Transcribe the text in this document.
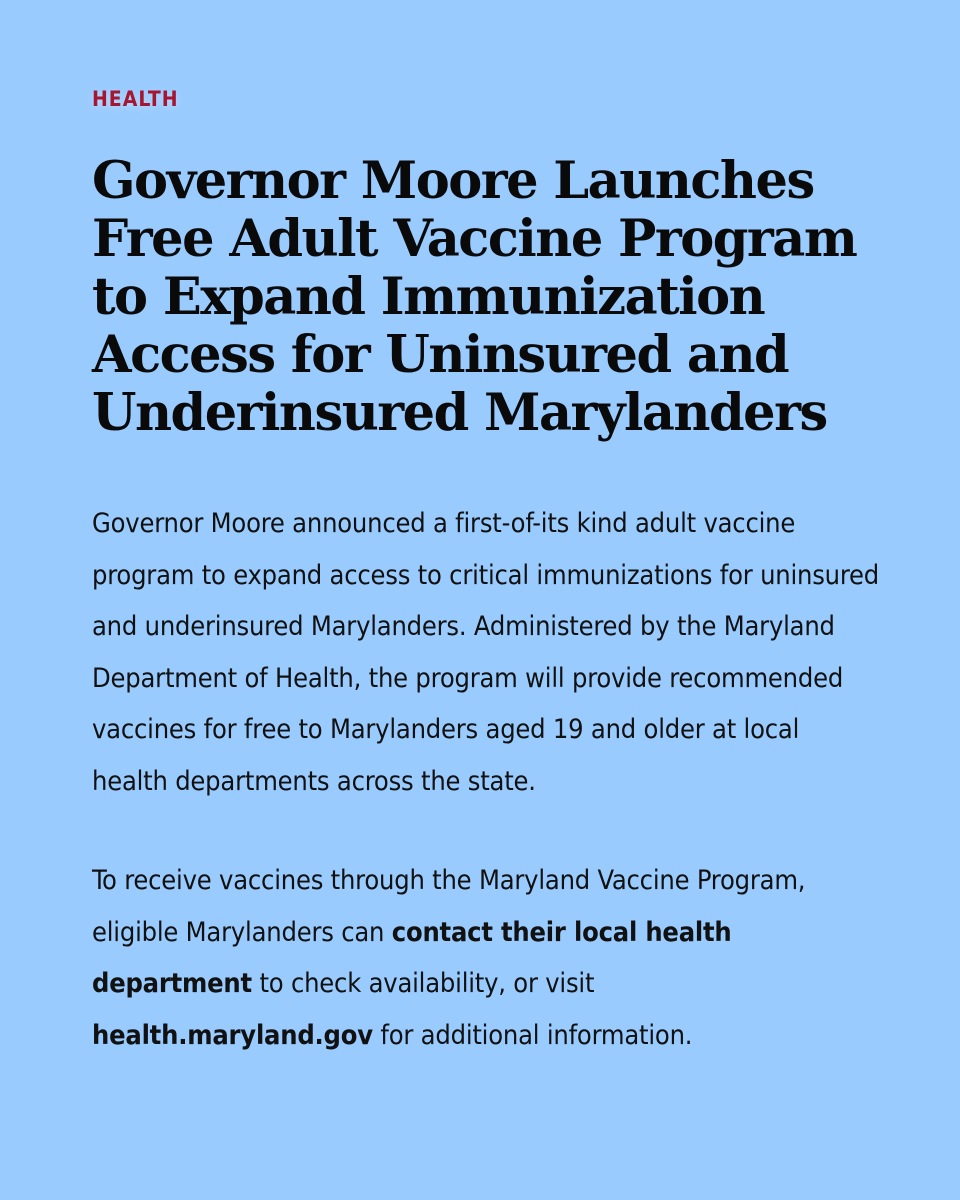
HEALTH
Governor Moore Launches Free Adult Vaccine Program to Expand Immunization Access for Uninsured and Underinsured Marylanders

Governor Moore announced a first-of-its kind adult vaccine program to expand access to critical immunizations for uninsured and underinsured Marylanders. Administered by the Maryland Department of Health, the program will provide recommended vaccines for free to Marylanders aged 19 and older at local health departments across the state.

To receive vaccines through the Maryland Vaccine Program, eligible Marylanders can contact their local health department to check availability, or visit health.maryland.gov for additional information.
